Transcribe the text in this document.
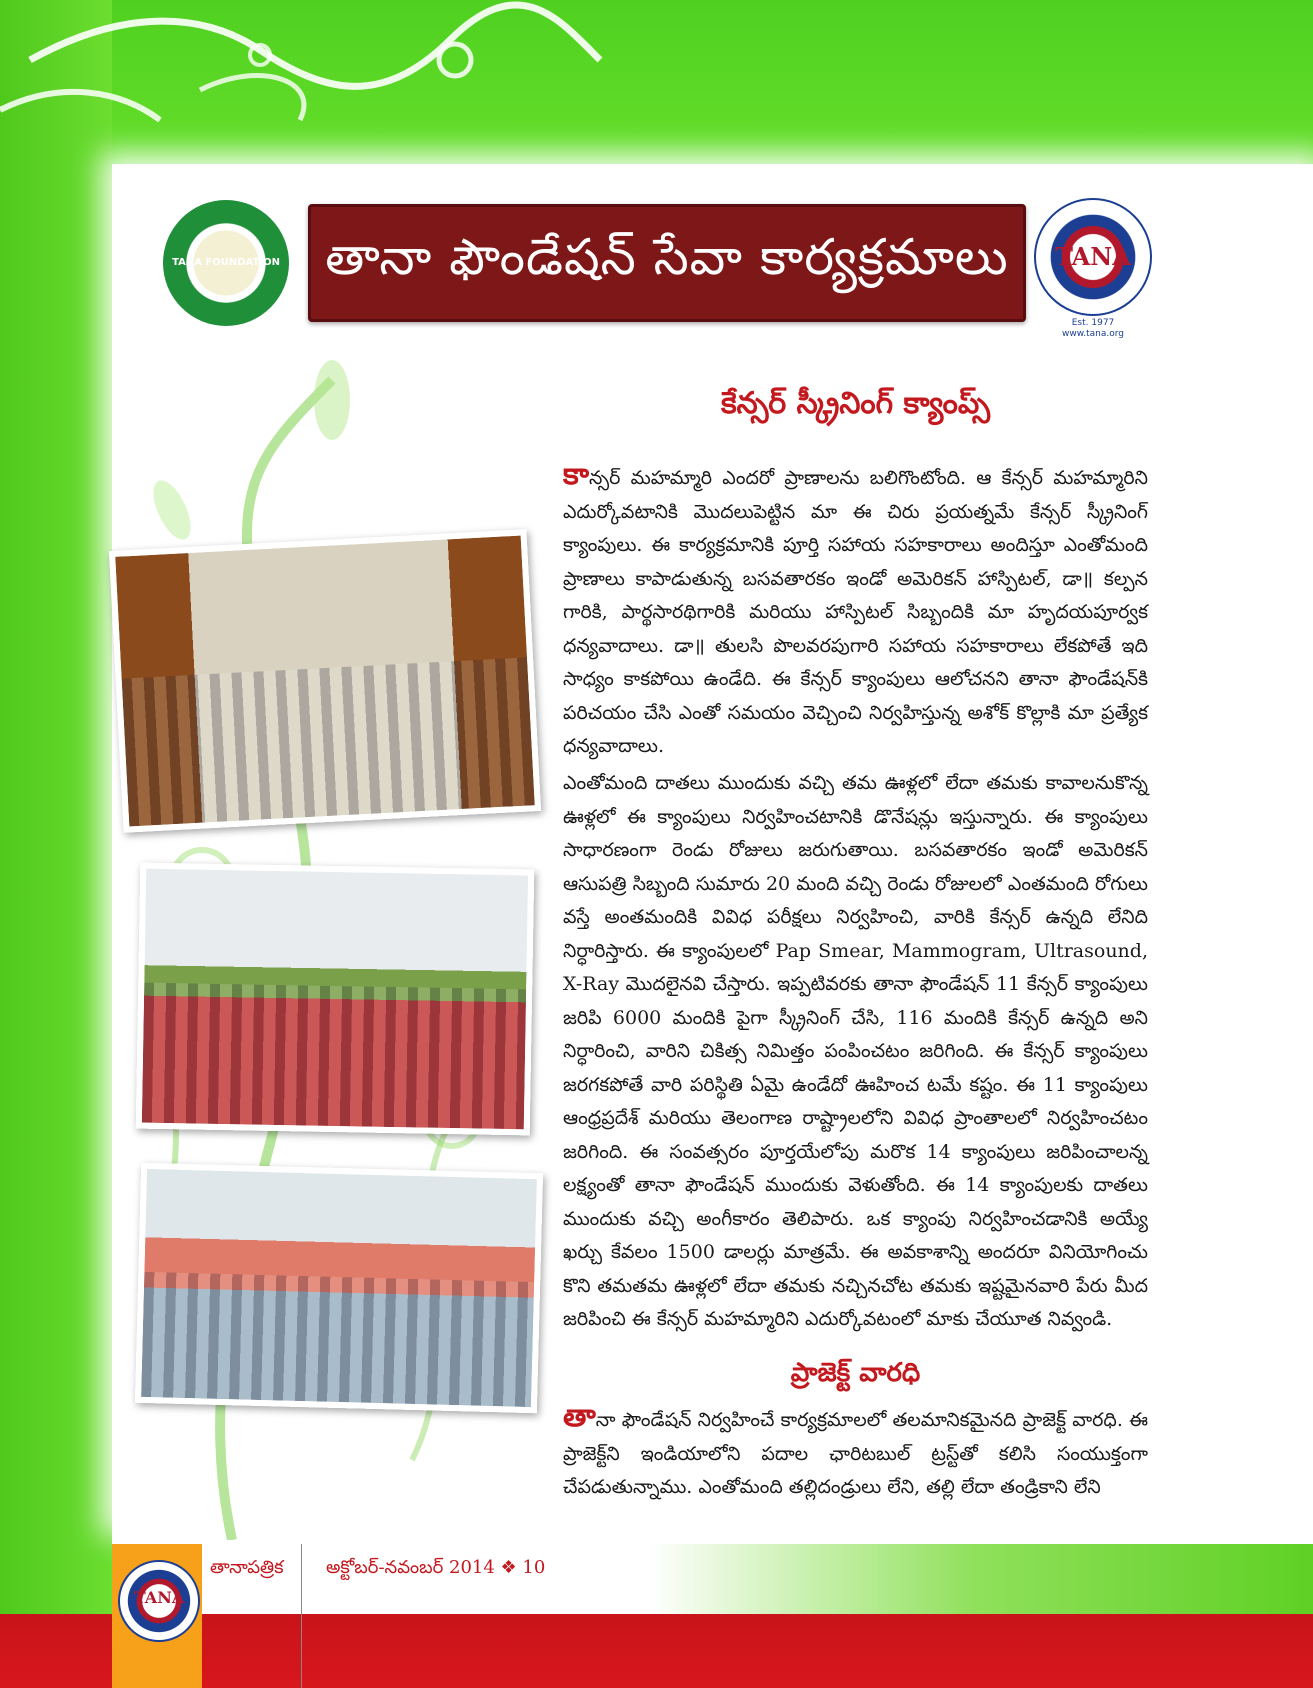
TANA FOUNDATION తానా ఫౌండేషన్ సేవా కార్యక్రమాలు	TANA
Est. 1977 www.tana.org
కేన్సర్ స్క్రీనింగ్ క్యాంప్స్
కాన్సర్ మహమ్మారి ఎందరో ప్రాణాలను బలిగొంటోంది. ఆ కేన్సర్ మహమ్మారిని ఎదుర్కోవటానికి మొదలుపెట్టిన మా ఈ చిరు ప్రయత్నమే కేన్సర్ స్క్రీనింగ్ క్యాంపులు. ఈ కార్యక్రమానికి పూర్తి సహాయ సహకారాలు అందిస్తూ ఎంతోమంది ప్రాణాలు కాపాడుతున్న బసవతారకం ఇండో అమెరికన్ హాస్పిటల్, డా॥ కల్పన గారికి, పార్థసారథిగారికి మరియు హాస్పిటల్ సిబ్బందికి మా హృదయపూర్వక ధన్యవాదాలు. డా॥ తులసి పొలవరపుగారి సహాయ సహకారాలు లేకపోతే ఇది సాధ్యం కాకపోయి ఉండేది. ఈ కేన్సర్ క్యాంపులు ఆలోచనని తానా ఫౌండేషన్‌కి పరిచయం చేసి ఎంతో సమయం వెచ్చించి నిర్వహిస్తున్న అశోక్ కొల్లాకి మా ప్రత్యేక ధన్యవాదాలు.
ఎంతోమంది దాతలు ముందుకు వచ్చి తమ ఊళ్లలో లేదా తమకు కావాలనుకొన్న ఊళ్లలో ఈ క్యాంపులు నిర్వహించటానికి డొనేషన్లు ఇస్తున్నారు. ఈ క్యాంపులు సాధారణంగా రెండు రోజులు జరుగుతాయి. బసవతారకం ఇండో అమెరికన్ ఆసుపత్రి సిబ్బంది సుమారు 20 మంది వచ్చి రెండు రోజులలో ఎంతమంది రోగులు వస్తే అంతమందికి వివిధ పరీక్షలు నిర్వహించి, వారికి కేన్సర్ ఉన్నది లేనిది నిర్ధారిస్తారు. ఈ క్యాంపులలో Pap Smear, Mammogram, Ultrasound, X-Ray మొదలైనవి చేస్తారు. ఇప్పటివరకు తానా ఫౌండేషన్ 11 కేన్సర్ క్యాంపులు జరిపి 6000 మందికి పైగా స్క్రీనింగ్ చేసి, 116 మందికి కేన్సర్ ఉన్నది అని నిర్ధారించి, వారిని చికిత్స నిమిత్తం పంపించటం జరిగింది. ఈ కేన్సర్ క్యాంపులు జరగకపోతే వారి పరిస్థితి ఏమై ఉండేదో ఊహించ టమే కష్టం. ఈ 11 క్యాంపులు ఆంధ్రప్రదేశ్ మరియు తెలంగాణ రాష్ట్రాలలోని వివిధ ప్రాంతాలలో నిర్వహించటం జరిగింది. ఈ సంవత్సరం పూర్తయేలోపు మరొక 14 క్యాంపులు జరిపించాలన్న లక్ష్యంతో తానా ఫౌండేషన్ ముందుకు వెళుతోంది. ఈ 14 క్యాంపులకు దాతలు ముందుకు వచ్చి అంగీకారం తెలిపారు. ఒక క్యాంపు నిర్వహించడానికి అయ్యే ఖర్చు కేవలం 1500 డాలర్లు మాత్రమే. ఈ అవకాశాన్ని అందరూ వినియోగించు కొని తమతమ ఊళ్లలో లేదా తమకు నచ్చినచోట తమకు ఇష్టమైనవారి పేరు మీద జరిపించి ఈ కేన్సర్ మహమ్మారిని ఎదుర్కోవటంలో మాకు చేయూత నివ్వండి.
ప్రాజెక్ట్ వారధి
తానా ఫౌండేషన్ నిర్వహించే కార్యక్రమాలలో తలమానికమైనది ప్రాజెక్ట్ వారధి. ఈ ప్రాజెక్ట్‌ని ఇండియాలోని పదాల ఛారిటబుల్ ట్రస్ట్‌తో కలిసి సంయుక్తంగా చేపడుతున్నాము. ఎంతోమంది తల్లిదండ్రులు లేని, తల్లి లేదా తండ్రికాని లేని
TANA
తానాపత్రిక అక్టోబర్-నవంబర్ 2014 ❖ 10
